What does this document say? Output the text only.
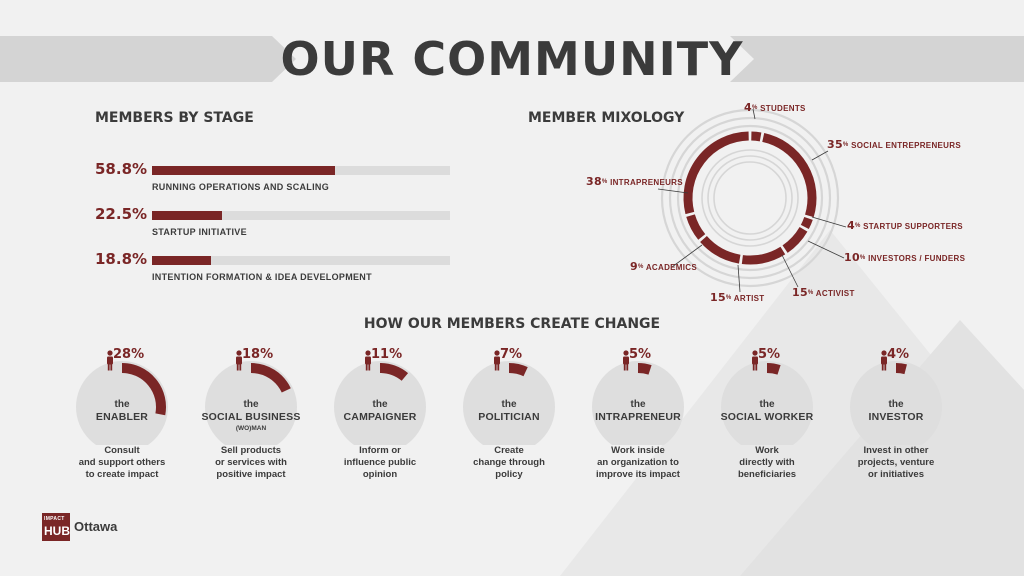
OUR COMMUNITY
MEMBERS BY STAGE
58.8%
RUNNING OPERATIONS AND SCALING
22.5%
STARTUP INITIATIVE
18.8%
INTENTION FORMATION & IDEA DEVELOPMENT
MEMBER MIXOLOGY
4% STUDENTS
35% SOCIAL ENTREPRENEURS
4% STARTUP SUPPORTERS
10% INVESTORS / FUNDERS
15% ACTIVIST
15% ARTIST
9% ACADEMICS
38% INTRAPRENEURS
HOW OUR MEMBERS CREATE CHANGE
28%
the
ENABLER
Consult
and support others
to create impact
18%
the
SOCIAL BUSINESS
(WO)MAN
Sell products
or services with
positive impact
11%
the
CAMPAIGNER
Inform or
influence public
opinion
7%
the
POLITICIAN
Create
change through
policy
5%
the
INTRAPRENEUR
Work inside
an organization to
improve its impact
5%
the
SOCIAL WORKER
Work
directly with
beneficiaries
4%
the
INVESTOR
Invest in other
projects, venture
or initiatives
IMPACT
HUB Ottawa
